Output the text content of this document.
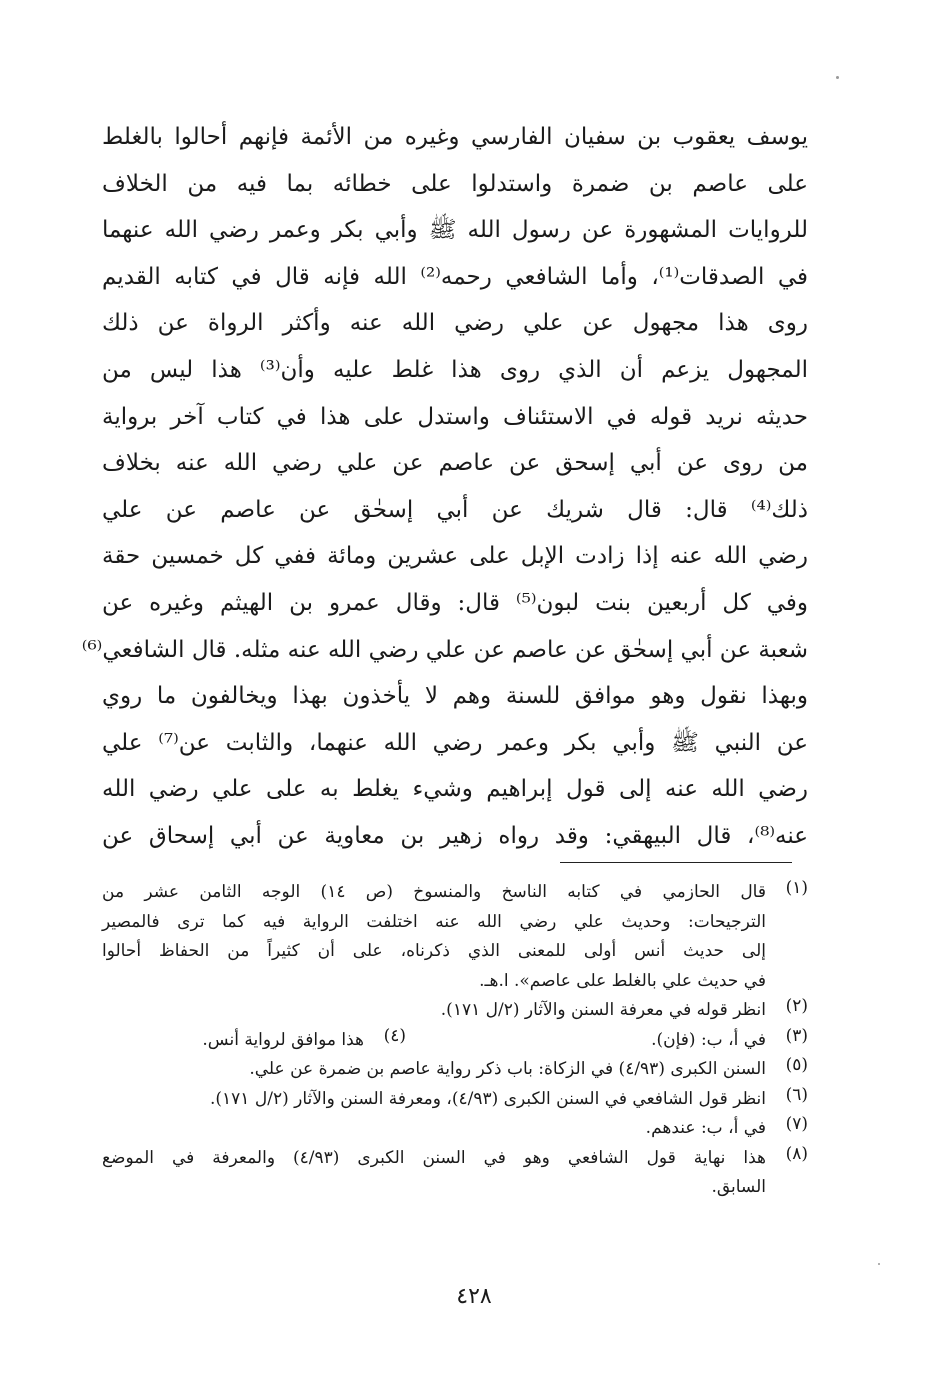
يوسف يعقوب بن سفيان الفارسي وغيره من الأئمة فإنهم أحالوا بالغلط
على عاصم بن ضمرة واستدلوا على خطائه بما فيه من الخلاف
للروايات المشهورة عن رسول الله ﷺ وأبي بكر وعمر رضي الله عنهما
في الصدقات⁽¹⁾، وأما الشافعي رحمه⁽²⁾ الله فإنه قال في كتابه القديم
روى هذا مجهول عن علي رضي الله عنه وأكثر الرواة عن ذلك
المجهول يزعم أن الذي روى هذا غلط عليه وأن⁽³⁾ هذا ليس من
حديثه نريد قوله في الاستئناف واستدل على هذا في كتاب آخر برواية
من روى عن أبي إسحق عن عاصم عن علي رضي الله عنه بخلاف
ذلك⁽⁴⁾ قال: قال شريك عن أبي إسحٰق عن عاصم عن علي
رضي الله عنه إذا زادت الإبل على عشرين ومائة ففي كل خمسين حقة
وفي كل أربعين بنت لبون⁽⁵⁾ قال: وقال عمرو بن الهيثم وغيره عن
شعبة عن أبي إسحٰق عن عاصم عن علي رضي الله عنه مثله. قال الشافعي⁽⁶⁾
وبهذا نقول وهو موافق للسنة وهم لا يأخذون بهذا ويخالفون ما روي
عن النبي ﷺ وأبي بكر وعمر رضي الله عنهما، والثابت عن⁽⁷⁾ علي
رضي الله عنه إلى قول إبراهيم وشيء يغلط به على علي رضي الله
عنه⁽⁸⁾، قال البيهقي: وقد رواه زهير بن معاوية عن أبي إسحاق عن
(١)
قال الحازمي في كتابه الناسخ والمنسوخ (ص ١٤) الوجه الثامن عشر من
الترجيحات: وحديث علي رضي الله عنه اختلفت الرواية فيه كما ترى فالمصير
إلى حديث أنس أولى للمعنى الذي ذكرناه، على أن كثيراً من الحفاظ أحالوا
في حديث علي بالغلط على عاصم». ا.هـ.
(٢)
انظر قوله في معرفة السنن والآثار (٢/ل ١٧١).
(٣)
في أ، ب: (فإن).
(٤)
هذا موافق لرواية أنس.
(٥)
السنن الكبرى (٤/٩٣) في الزكاة: باب ذكر رواية عاصم بن ضمرة عن علي.
(٦)
انظر قول الشافعي في السنن الكبرى (٤/٩٣)، ومعرفة السنن والآثار (٢/ل ١٧١).
(٧)
في أ، ب: عندهم.
(٨)
هذا نهاية قول الشافعي وهو في السنن الكبرى (٤/٩٣) والمعرفة في الموضع
السابق.
٤٢٨
